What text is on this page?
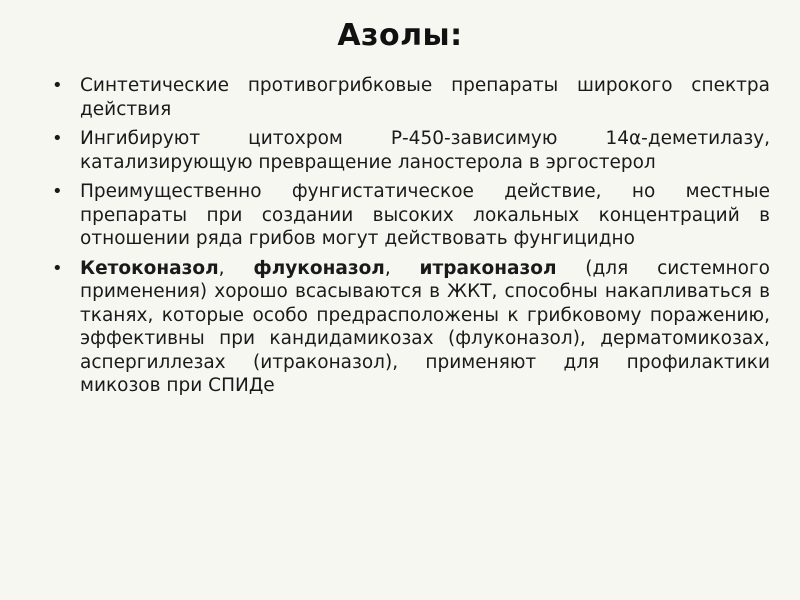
Азолы:
• Синтетические противогрибковые препараты широкого спектра действия
• Ингибируют цитохром Р-450-зависимую 14α-деметилазу, катализирующую превращение ланостерола в эргостерол
• Преимущественно фунгистатическое действие, но местные препараты при создании высоких локальных концентраций в отношении ряда грибов могут действовать фунгицидно
• Кетоконазол, флуконазол, итраконазол (для системного применения) хорошо всасываются в ЖКТ, способны накапливаться в тканях, которые особо предрасположены к грибковому поражению, эффективны при кандидамикозах (флуконазол), дерматомикозах, аспергиллезах (итраконазол), применяют для профилактики микозов при СПИДе
